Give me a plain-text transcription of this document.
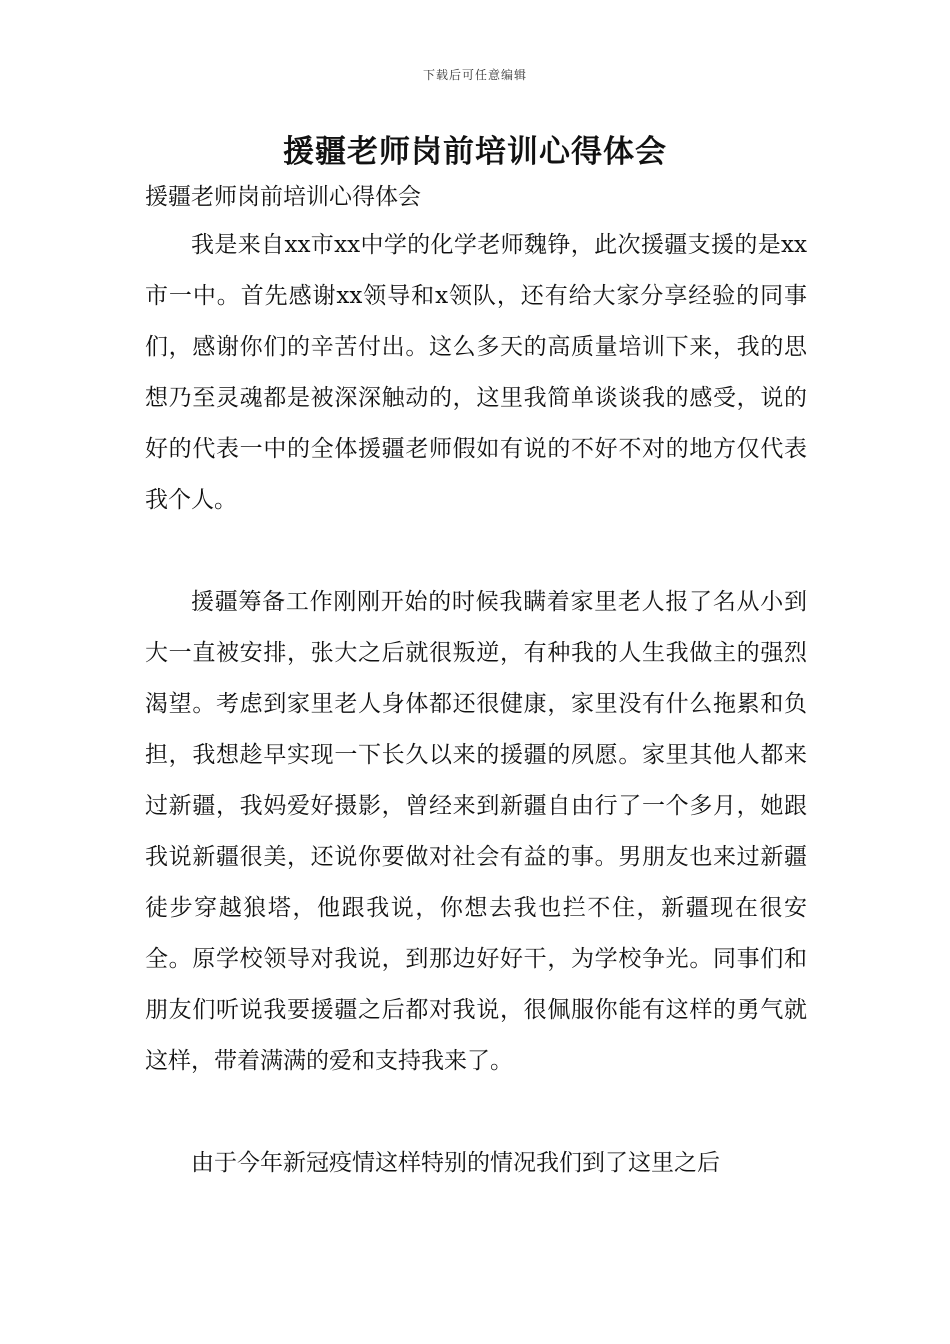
下载后可任意编辑
援疆老师岗前培训心得体会

援疆老师岗前培训心得体会

我是来自xx市xx中学的化学老师魏铮，此次援疆支援的是xx市一中。首先感谢xx领导和x领队，还有给大家分享经验的同事们，感谢你们的辛苦付出。这么多天的高质量培训下来，我的思想乃至灵魂都是被深深触动的，这里我简单谈谈我的感受，说的好的代表一中的全体援疆老师假如有说的不好不对的地方仅代表我个人。

援疆筹备工作刚刚开始的时候我瞒着家里老人报了名从小到大一直被安排，张大之后就很叛逆，有种我的人生我做主的强烈渴望。考虑到家里老人身体都还很健康，家里没有什么拖累和负担，我想趁早实现一下长久以来的援疆的夙愿。家里其他人都来过新疆，我妈爱好摄影，曾经来到新疆自由行了一个多月，她跟我说新疆很美，还说你要做对社会有益的事。男朋友也来过新疆徒步穿越狼塔，他跟我说，你想去我也拦不住，新疆现在很安全。原学校领导对我说，到那边好好干，为学校争光。同事们和朋友们听说我要援疆之后都对我说，很佩服你能有这样的勇气就这样，带着满满的爱和支持我来了。

由于今年新冠疫情这样特别的情况我们到了这里之后
